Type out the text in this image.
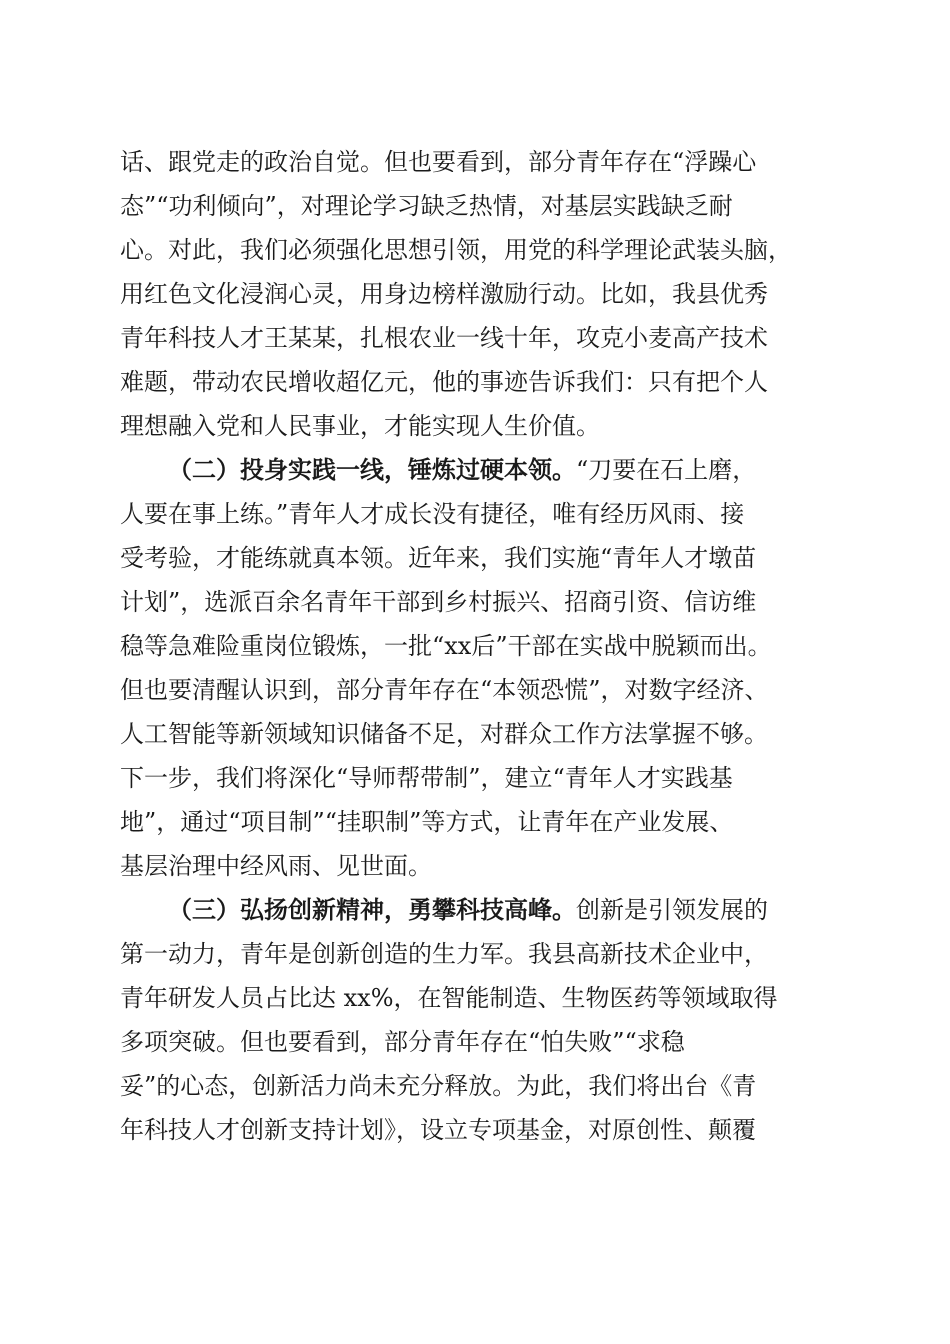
话、跟党走的政治自觉。但也要看到，部分青年存在“浮躁心
态”“功利倾向”，对理论学习缺乏热情，对基层实践缺乏耐
心。对此，我们必须强化思想引领，用党的科学理论武装头脑，
用红色文化浸润心灵，用身边榜样激励行动。比如，我县优秀
青年科技人才王某某，扎根农业一线十年，攻克小麦高产技术
难题，带动农民增收超亿元，他的事迹告诉我们：只有把个人
理想融入党和人民事业，才能实现人生价值。
（二）投身实践一线，锤炼过硬本领。“刀要在石上磨，
人要在事上练。”青年人才成长没有捷径，唯有经历风雨、接
受考验，才能练就真本领。近年来，我们实施“青年人才墩苗
计划”，选派百余名青年干部到乡村振兴、招商引资、信访维
稳等急难险重岗位锻炼，一批“xx后”干部在实战中脱颖而出。
但也要清醒认识到，部分青年存在“本领恐慌”，对数字经济、
人工智能等新领域知识储备不足，对群众工作方法掌握不够。
下一步，我们将深化“导师帮带制”，建立“青年人才实践基
地”，通过“项目制”“挂职制”等方式，让青年在产业发展、
基层治理中经风雨、见世面。
（三）弘扬创新精神，勇攀科技高峰。创新是引领发展的
第一动力，青年是创新创造的生力军。我县高新技术企业中，
青年研发人员占比达 xx%，在智能制造、生物医药等领域取得
多项突破。但也要看到，部分青年存在“怕失败”“求稳
妥”的心态，创新活力尚未充分释放。为此，我们将出台《青
年科技人才创新支持计划》，设立专项基金，对原创性、颠覆
